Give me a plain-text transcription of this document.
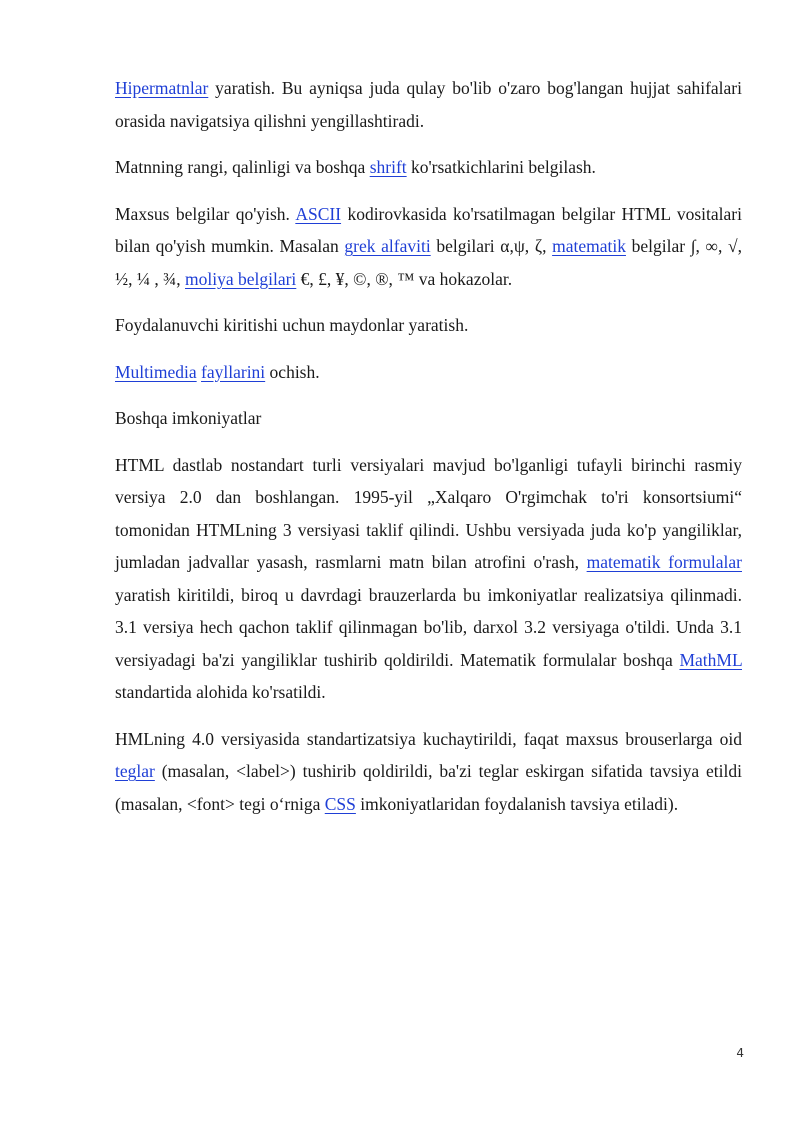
Hipermatnlar yaratish. Bu ayniqsa juda qulay bo'lib o'zaro bog'langan hujjat sahifalari orasida navigatsiya qilishni yengillashtiradi.

Matnning rangi, qalinligi va boshqa shrift ko'rsatkichlarini belgilash.

Maxsus belgilar qo'yish. ASCII kodirovkasida ko'rsatilmagan belgilar HTML vositalari bilan qo'yish mumkin. Masalan grek alfaviti belgilari α,ψ, ζ, matematik belgilar ∫, ∞, √, ½, ¼ , ¾, moliya belgilari €, £, ¥, ©, ®, ™ va hokazolar.

Foydalanuvchi kiritishi uchun maydonlar yaratish.

Multimedia fayllarini ochish.

Boshqa imkoniyatlar

HTML dastlab nostandart turli versiyalari mavjud bo'lganligi tufayli birinchi rasmiy versiya 2.0 dan boshlangan. 1995-yil „Xalqaro O'rgimchak to'ri konsortsiumi“ tomonidan HTMLning 3 versiyasi taklif qilindi. Ushbu versiyada juda ko'p yangiliklar, jumladan jadvallar yasash, rasmlarni matn bilan atrofini o'rash, matematik formulalar yaratish kiritildi, biroq u davrdagi brauzerlarda bu imkoniyatlar realizatsiya qilinmadi. 3.1 versiya hech qachon taklif qilinmagan bo'lib, darxol 3.2 versiyaga o'tildi. Unda 3.1 versiyadagi ba'zi yangiliklar tushirib qoldirildi. Matematik formulalar boshqa MathML standartida alohida ko'rsatildi.

HMLning 4.0 versiyasida standartizatsiya kuchaytirildi, faqat maxsus brouserlarga oid teglar (masalan, <label>) tushirib qoldirildi, ba'zi teglar eskirgan sifatida tavsiya etildi (masalan, <font> tegi o‘rniga CSS imkoniyatlaridan foydalanish tavsiya etiladi).

4
